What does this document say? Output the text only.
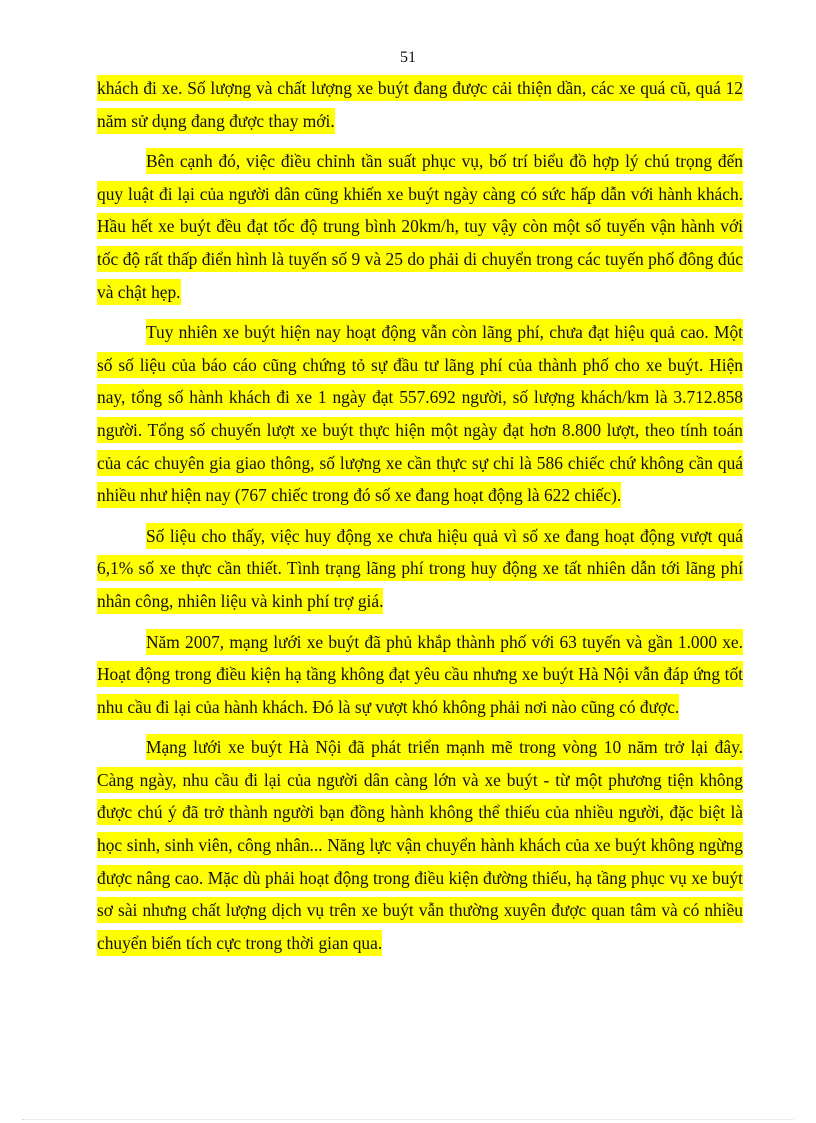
51

khách đi xe. Số lượng và chất lượng xe buýt đang được cải thiện dần, các xe quá cũ, quá 12 năm sử dụng đang được thay mới.

Bên cạnh đó, việc điều chỉnh tần suất phục vụ, bố trí biểu đồ hợp lý chú trọng đến quy luật đi lại của người dân cũng khiến xe buýt ngày càng có sức hấp dẫn với hành khách. Hầu hết xe buýt đều đạt tốc độ trung bình 20km/h, tuy vậy còn một số tuyến vận hành với tốc độ rất thấp điển hình là tuyến số 9 và 25 do phải di chuyển trong các tuyến phố đông đúc và chật hẹp.

Tuy nhiên xe buýt hiện nay hoạt động vẫn còn lãng phí, chưa đạt hiệu quả cao. Một số số liệu của báo cáo cũng chứng tỏ sự đầu tư lãng phí của thành phố cho xe buýt. Hiện nay, tổng số hành khách đi xe 1 ngày đạt 557.692 người, số lượng khách/km là 3.712.858 người. Tổng số chuyến lượt xe buýt thực hiện một ngày đạt hơn 8.800 lượt, theo tính toán của các chuyên gia giao thông, số lượng xe cần thực sự chỉ là 586 chiếc chứ không cần quá nhiều như hiện nay (767 chiếc trong đó số xe đang hoạt động là 622 chiếc).

Số liệu cho thấy, việc huy động xe chưa hiệu quả vì số xe đang hoạt động vượt quá 6,1% số xe thực cần thiết. Tình trạng lãng phí trong huy động xe tất nhiên dẫn tới lãng phí nhân công, nhiên liệu và kinh phí trợ giá.

Năm 2007, mạng lưới xe buýt đã phủ khắp thành phố với 63 tuyến và gần 1.000 xe. Hoạt động trong điều kiện hạ tầng không đạt yêu cầu nhưng xe buýt Hà Nội vẫn đáp ứng tốt nhu cầu đi lại của hành khách. Đó là sự vượt khó không phải nơi nào cũng có được.

Mạng lưới xe buýt Hà Nội đã phát triển mạnh mẽ trong vòng 10 năm trở lại đây. Càng ngày, nhu cầu đi lại của người dân càng lớn và xe buýt - từ một phương tiện không được chú ý đã trở thành người bạn đồng hành không thể thiếu của nhiều người, đặc biệt là học sinh, sinh viên, công nhân... Năng lực vận chuyển hành khách của xe buýt không ngừng được nâng cao. Mặc dù phải hoạt động trong điều kiện đường thiếu, hạ tầng phục vụ xe buýt sơ sài nhưng chất lượng dịch vụ trên xe buýt vẫn thường xuyên được quan tâm và có nhiều chuyển biến tích cực trong thời gian qua.
